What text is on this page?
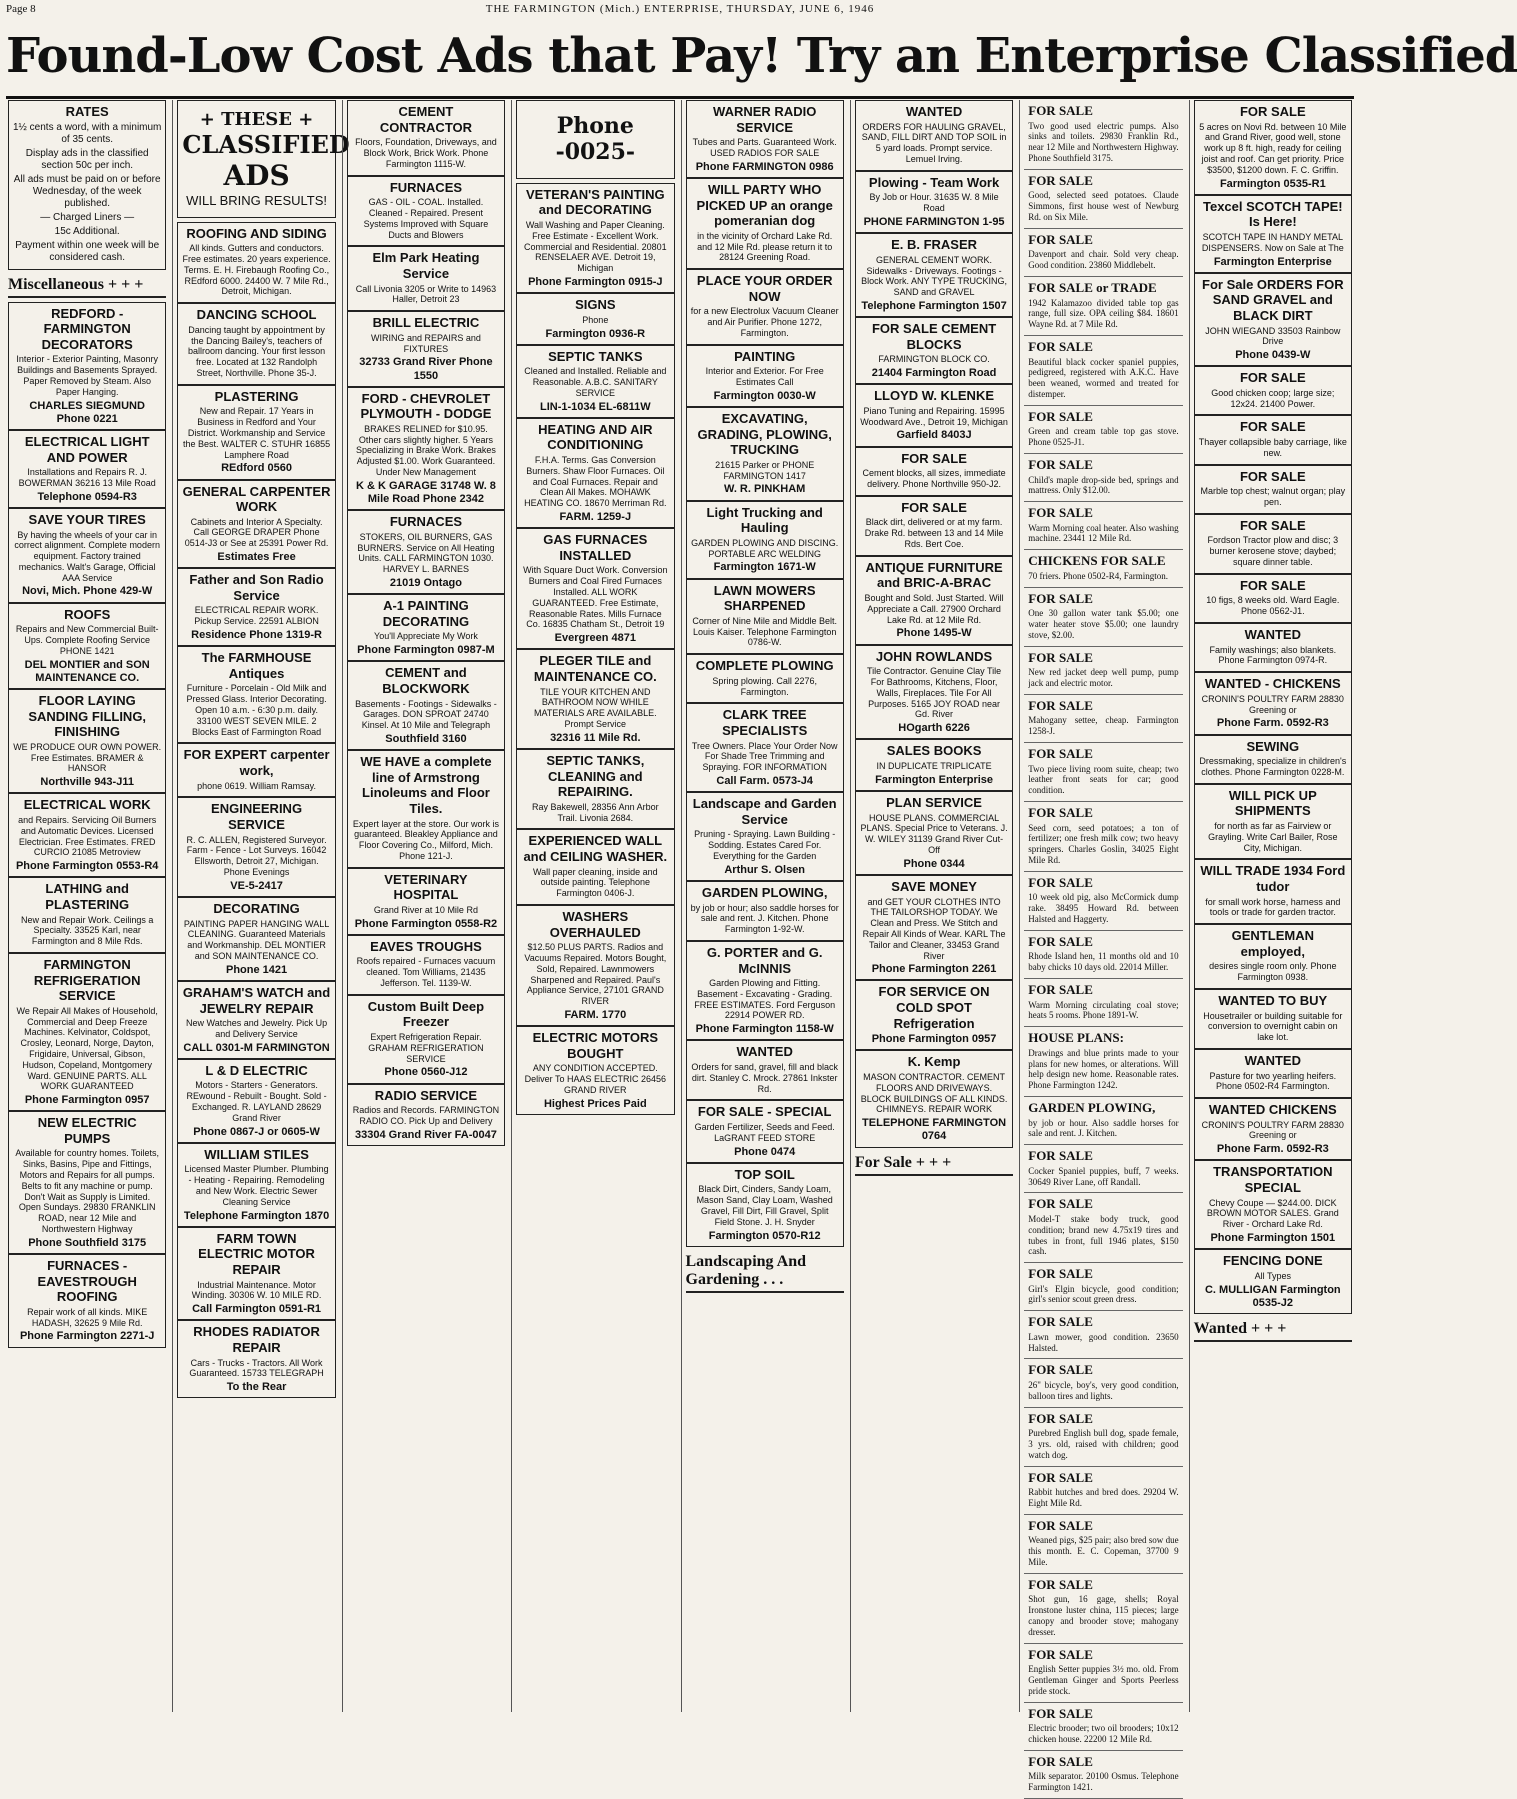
Page 8	THE FARMINGTON (Mich.) ENTERPRISE, THURSDAY, JUNE 6, 1946
Found-Low Cost Ads that Pay! Try an Enterprise Classified
RATES
1½ cents a word, with a minimum of 35 cents.
Display ads in the classified section 50c per inch.
All ads must be paid on or before Wednesday, of the week published.
— Charged Liners —
15c Additional.
Payment within one week will be considered cash.
Miscellaneous + + +
REDFORD - FARMINGTON DECORATORS
Interior - Exterior Painting, Masonry Buildings and Basements Sprayed. Paper Removed by Steam. Also Paper Hanging.
CHARLES SIEGMUND Phone 0221
ELECTRICAL LIGHT AND POWER
Installations and Repairs R. J. BOWERMAN 36216 13 Mile Road
Telephone 0594-R3
SAVE YOUR TIRES
By having the wheels of your car in correct alignment. Complete modern equipment. Factory trained mechanics. Walt's Garage, Official AAA Service
Novi, Mich. Phone 429-W
ROOFS
Repairs and New Commercial Built-Ups. Complete Roofing Service PHONE 1421
DEL MONTIER and SON MAINTENANCE CO.
FLOOR LAYING SANDING FILLING, FINISHING
WE PRODUCE OUR OWN POWER. Free Estimates. BRAMER & HANSOR
Northville 943-J11
ELECTRICAL WORK
and Repairs. Servicing Oil Burners and Automatic Devices. Licensed Electrician. Free Estimates. FRED CURCIO 21085 Metroview
Phone Farmington 0553-R4
LATHING and PLASTERING
New and Repair Work. Ceilings a Specialty. 33525 Karl, near Farmington and 8 Mile Rds.
FARMINGTON REFRIGERATION SERVICE
We Repair All Makes of Household, Commercial and Deep Freeze Machines. Kelvinator, Coldspot, Crosley, Leonard, Norge, Dayton, Frigidaire, Universal, Gibson, Hudson, Copeland, Montgomery Ward. GENUINE PARTS. ALL WORK GUARANTEED
Phone Farmington 0957
NEW ELECTRIC PUMPS
Available for country homes. Toilets, Sinks, Basins, Pipe and Fittings, Motors and Repairs for all pumps. Belts to fit any machine or pump. Don't Wait as Supply is Limited. Open Sundays. 29830 FRANKLIN ROAD, near 12 Mile and Northwestern Highway
Phone Southfield 3175
FURNACES - EAVESTROUGH ROOFING
Repair work of all kinds. MIKE HADASH, 32625 9 Mile Rd.
Phone Farmington 2271-J
+ THESE +
CLASSIFIED
ADS
WILL BRING RESULTS!
ROOFING AND SIDING
All kinds. Gutters and conductors. Free estimates. 20 years experience. Terms. E. H. Firebaugh Roofing Co., REdford 6000. 24400 W. 7 Mile Rd., Detroit, Michigan.
DANCING SCHOOL
Dancing taught by appointment by the Dancing Bailey's, teachers of ballroom dancing. Your first lesson free. Located at 132 Randolph Street, Northville. Phone 35-J.
PLASTERING
New and Repair. 17 Years in Business in Redford and Your District. Workmanship and Service the Best. WALTER C. STUHR 16855 Lamphere Road
REdford 0560
GENERAL CARPENTER WORK
Cabinets and Interior A Specialty. Call GEORGE DRAPER Phone 0514-J3 or See at 25391 Power Rd.
Estimates Free
Father and Son Radio Service
ELECTRICAL REPAIR WORK. Pickup Service. 22591 ALBION
Residence Phone 1319-R
The FARMHOUSE Antiques
Furniture - Porcelain - Old Milk and Pressed Glass. Interior Decorating. Open 10 a.m. - 6:30 p.m. daily. 33100 WEST SEVEN MILE. 2 Blocks East of Farmington Road
FOR EXPERT carpenter work,
phone 0619. William Ramsay.
ENGINEERING SERVICE
R. C. ALLEN, Registered Surveyor. Farm - Fence - Lot Surveys. 16042 Ellsworth, Detroit 27, Michigan. Phone Evenings
VE-5-2417
DECORATING
PAINTING PAPER HANGING WALL CLEANING. Guaranteed Materials and Workmanship. DEL MONTIER and SON MAINTENANCE CO.
Phone 1421
GRAHAM'S WATCH and JEWELRY REPAIR
New Watches and Jewelry. Pick Up and Delivery Service
CALL 0301-M FARMINGTON
L & D ELECTRIC
Motors - Starters - Generators. REwound - Rebuilt - Bought. Sold - Exchanged. R. LAYLAND 28629 Grand River
Phone 0867-J or 0605-W
WILLIAM STILES
Licensed Master Plumber. Plumbing - Heating - Repairing. Remodeling and New Work. Electric Sewer Cleaning Service
Telephone Farmington 1870
FARM TOWN ELECTRIC MOTOR REPAIR
Industrial Maintenance. Motor Winding. 30306 W. 10 MILE RD.
Call Farmington 0591-R1
RHODES RADIATOR REPAIR
Cars - Trucks - Tractors. All Work Guaranteed. 15733 TELEGRAPH
To the Rear
CEMENT CONTRACTOR
Floors, Foundation, Driveways, and Block Work, Brick Work. Phone Farmington 1115-W.
FURNACES
GAS - OIL - COAL. Installed. Cleaned - Repaired. Present Systems Improved with Square Ducts and Blowers
Elm Park Heating Service
Call Livonia 3205 or Write to 14963 Haller, Detroit 23
BRILL ELECTRIC
WIRING and REPAIRS and FIXTURES
32733 Grand River Phone 1550
FORD - CHEVROLET PLYMOUTH - DODGE
BRAKES RELINED for $10.95. Other cars slightly higher. 5 Years Specializing in Brake Work. Brakes Adjusted $1.00. Work Guaranteed. Under New Management
K & K GARAGE 31748 W. 8 Mile Road Phone 2342
FURNACES
STOKERS, OIL BURNERS, GAS BURNERS. Service on All Heating Units. CALL FARMINGTON 1030. HARVEY L. BARNES
21019 Ontago
A-1 PAINTING DECORATING
You'll Appreciate My Work
Phone Farmington 0987-M
CEMENT and BLOCKWORK
Basements - Footings - Sidewalks - Garages. DON SPROAT 24740 Kinsel. At 10 Mile and Telegraph
Southfield 3160
WE HAVE a complete line of Armstrong Linoleums and Floor Tiles.
Expert layer at the store. Our work is guaranteed. Bleakley Appliance and Floor Covering Co., Milford, Mich. Phone 121-J.
VETERINARY HOSPITAL
Grand River at 10 Mile Rd
Phone Farmington 0558-R2
EAVES TROUGHS
Roofs repaired - Furnaces vacuum cleaned. Tom Williams, 21435 Jefferson. Tel. 1139-W.
Custom Built Deep Freezer
Expert Refrigeration Repair. GRAHAM REFRIGERATION SERVICE
Phone 0560-J12
RADIO SERVICE
Radios and Records. FARMINGTON RADIO CO. Pick Up and Delivery
33304 Grand River FA-0047
Phone
-0025-
VETERAN'S PAINTING and DECORATING
Wall Washing and Paper Cleaning. Free Estimate - Excellent Work. Commercial and Residential. 20801 RENSELAER AVE. Detroit 19, Michigan
Phone Farmington 0915-J
SIGNS
Phone
Farmington 0936-R
SEPTIC TANKS
Cleaned and Installed. Reliable and Reasonable. A.B.C. SANITARY SERVICE
LIN-1-1034 EL-6811W
HEATING AND AIR CONDITIONING
F.H.A. Terms. Gas Conversion Burners. Shaw Floor Furnaces. Oil and Coal Furnaces. Repair and Clean All Makes. MOHAWK HEATING CO. 18670 Merriman Rd.
FARM. 1259-J
GAS FURNACES INSTALLED
With Square Duct Work. Conversion Burners and Coal Fired Furnaces Installed. ALL WORK GUARANTEED. Free Estimate, Reasonable Rates. Mills Furnace Co. 16835 Chatham St., Detroit 19
Evergreen 4871
PLEGER TILE and MAINTENANCE CO.
TILE YOUR KITCHEN AND BATHROOM NOW WHILE MATERIALS ARE AVAILABLE. Prompt Service
32316 11 Mile Rd.
SEPTIC TANKS, CLEANING and REPAIRING.
Ray Bakewell, 28356 Ann Arbor Trail. Livonia 2684.
EXPERIENCED WALL and CEILING WASHER.
Wall paper cleaning, inside and outside painting. Telephone Farmington 0406-J.
WASHERS OVERHAULED
$12.50 PLUS PARTS. Radios and Vacuums Repaired. Motors Bought, Sold, Repaired. Lawnmowers Sharpened and Repaired. Paul's Appliance Service, 27101 GRAND RIVER
FARM. 1770
ELECTRIC MOTORS BOUGHT
ANY CONDITION ACCEPTED. Deliver To HAAS ELECTRIC 26456 GRAND RIVER
Highest Prices Paid
WARNER RADIO SERVICE
Tubes and Parts. Guaranteed Work. USED RADIOS FOR SALE
Phone FARMINGTON 0986
WILL PARTY WHO PICKED UP an orange pomeranian dog
in the vicinity of Orchard Lake Rd. and 12 Mile Rd. please return it to 28124 Greening Road.
PLACE YOUR ORDER NOW
for a new Electrolux Vacuum Cleaner and Air Purifier. Phone 1272, Farmington.
PAINTING
Interior and Exterior. For Free Estimates Call
Farmington 0030-W
EXCAVATING, GRADING, PLOWING, TRUCKING
21615 Parker or PHONE FARMINGTON 1417
W. R. PINKHAM
Light Trucking and Hauling
GARDEN PLOWING AND DISCING. PORTABLE ARC WELDING
Farmington 1671-W
LAWN MOWERS SHARPENED
Corner of Nine Mile and Middle Belt. Louis Kaiser. Telephone Farmington 0786-W.
COMPLETE PLOWING
Spring plowing. Call 2276, Farmington.
CLARK TREE SPECIALISTS
Tree Owners. Place Your Order Now For Shade Tree Trimming and Spraying. FOR INFORMATION
Call Farm. 0573-J4
Landscape and Garden Service
Pruning - Spraying. Lawn Building - Sodding. Estates Cared For. Everything for the Garden
Arthur S. Olsen
GARDEN PLOWING,
by job or hour; also saddle horses for sale and rent. J. Kitchen. Phone Farmington 1-92-W.
G. PORTER and G. McINNIS
Garden Plowing and Fitting. Basement - Excavating - Grading. FREE ESTIMATES. Ford Ferguson 22914 POWER RD.
Phone Farmington 1158-W
WANTED
Orders for sand, gravel, fill and black dirt. Stanley C. Mrock. 27861 Inkster Rd.
FOR SALE - SPECIAL
Garden Fertilizer, Seeds and Feed. LaGRANT FEED STORE
Phone 0474
TOP SOIL
Black Dirt, Cinders, Sandy Loam, Mason Sand, Clay Loam, Washed Gravel, Fill Dirt, Fill Gravel, Split Field Stone. J. H. Snyder
Farmington 0570-R12
Landscaping And Gardening . . .
WANTED
ORDERS FOR HAULING GRAVEL, SAND, FILL DIRT AND TOP SOIL in 5 yard loads. Prompt service. Lemuel Irving.
Plowing - Team Work
By Job or Hour. 31635 W. 8 Mile Road
PHONE FARMINGTON 1-95
E. B. FRASER
GENERAL CEMENT WORK. Sidewalks - Driveways. Footings - Block Work. ANY TYPE TRUCKING, SAND and GRAVEL
Telephone Farmington 1507
FOR SALE CEMENT BLOCKS
FARMINGTON BLOCK CO.
21404 Farmington Road
LLOYD W. KLENKE
Piano Tuning and Repairing. 15995 Woodward Ave., Detroit 19, Michigan
Garfield 8403J
FOR SALE
Cement blocks, all sizes, immediate delivery. Phone Northville 950-J2.
FOR SALE
Black dirt, delivered or at my farm. Drake Rd. between 13 and 14 Mile Rds. Bert Coe.
ANTIQUE FURNITURE and BRIC-A-BRAC
Bought and Sold. Just Started. Will Appreciate a Call. 27900 Orchard Lake Rd. at 12 Mile Rd.
Phone 1495-W
JOHN ROWLANDS
Tile Contractor. Genuine Clay Tile For Bathrooms, Kitchens, Floor, Walls, Fireplaces. Tile For All Purposes. 5165 JOY ROAD near Gd. River
HOgarth 6226
SALES BOOKS
IN DUPLICATE TRIPLICATE
Farmington Enterprise
PLAN SERVICE
HOUSE PLANS. COMMERCIAL PLANS. Special Price to Veterans. J. W. WILEY 31139 Grand River Cut-Off
Phone 0344
SAVE MONEY
and GET YOUR CLOTHES INTO THE TAILORSHOP TODAY. We Clean and Press. We Stitch and Repair All Kinds of Wear. KARL The Tailor and Cleaner, 33453 Grand River
Phone Farmington 2261
FOR SERVICE ON COLD SPOT Refrigeration
Phone Farmington 0957
K. Kemp
MASON CONTRACTOR. CEMENT FLOORS AND DRIVEWAYS. BLOCK BUILDINGS OF ALL KINDS. CHIMNEYS. REPAIR WORK
TELEPHONE FARMINGTON 0764
For Sale + + +
FOR SALE
Two good used electric pumps. Also sinks and toilets. 29830 Franklin Rd., near 12 Mile and Northwestern Highway. Phone Southfield 3175.
FOR SALE
Good, selected seed potatoes. Claude Simmons, first house west of Newburg Rd. on Six Mile.
FOR SALE
Davenport and chair. Sold very cheap. Good condition. 23860 Middlebelt.
FOR SALE or TRADE
1942 Kalamazoo divided table top gas range, full size. OPA ceiling $84. 18601 Wayne Rd. at 7 Mile Rd.
FOR SALE
Beautiful black cocker spaniel puppies, pedigreed, registered with A.K.C. Have been weaned, wormed and treated for distemper.
FOR SALE
Green and cream table top gas stove. Phone 0525-J1.
FOR SALE
Child's maple drop-side bed, springs and mattress. Only $12.00.
FOR SALE
Warm Morning coal heater. Also washing machine. 23441 12 Mile Rd.
CHICKENS FOR SALE
70 friers. Phone 0502-R4, Farmington.
FOR SALE
One 30 gallon water tank $5.00; one water heater stove $5.00; one laundry stove, $2.00.
FOR SALE
New red jacket deep well pump, pump jack and electric motor.
FOR SALE
Mahogany settee, cheap. Farmington 1258-J.
FOR SALE
Two piece living room suite, cheap; two leather front seats for car; good condition.
FOR SALE
Seed corn, seed potatoes; a ton of fertilizer; one fresh milk cow; two heavy springers. Charles Goslin, 34025 Eight Mile Rd.
FOR SALE
10 week old pig, also McCormick dump rake. 38495 Howard Rd. between Halsted and Haggerty.
FOR SALE
Rhode Island hen, 11 months old and 10 baby chicks 10 days old. 22014 Miller.
FOR SALE
Warm Morning circulating coal stove; heats 5 rooms. Phone 1891-W.
HOUSE PLANS:
Drawings and blue prints made to your plans for new homes, or alterations. Will help design new home. Reasonable rates. Phone Farmington 1242.
GARDEN PLOWING,
by job or hour. Also saddle horses for sale and rent. J. Kitchen.
FOR SALE
Cocker Spaniel puppies, buff, 7 weeks. 30649 River Lane, off Randall.
FOR SALE
Model-T stake body truck, good condition; brand new 4.75x19 tires and tubes in front, full 1946 plates, $150 cash.
FOR SALE
Girl's Elgin bicycle, good condition; girl's senior scout green dress.
FOR SALE
Lawn mower, good condition. 23650 Halsted.
FOR SALE
26" bicycle, boy's, very good condition, balloon tires and lights.
FOR SALE
Purebred English bull dog, spade female, 3 yrs. old, raised with children; good watch dog.
FOR SALE
Rabbit hutches and bred does. 29204 W. Eight Mile Rd.
FOR SALE
Weaned pigs, $25 pair; also bred sow due this month. E. C. Copeman, 37700 9 Mile.
FOR SALE
Shot gun, 16 gage, shells; Royal Ironstone luster china, 115 pieces; large canopy and brooder stove; mahogany dresser.
FOR SALE
English Setter puppies 3½ mo. old. From Gentleman Ginger and Sports Peerless pride stock.
FOR SALE
Electric brooder; two oil brooders; 10x12 chicken house. 22200 12 Mile Rd.
FOR SALE
Milk separator. 20100 Osmus. Telephone Farmington 1421.
FOR SALE
5 acres on Novi Rd. between 10 Mile and Grand River, good well, stone work up 8 ft. high, ready for ceiling joist and roof. Can get priority. Price $3500, $1200 down. F. C. Griffin.
Farmington 0535-R1
Texcel SCOTCH TAPE! Is Here!
SCOTCH TAPE IN HANDY METAL DISPENSERS. Now on Sale at The
Farmington Enterprise
For Sale ORDERS FOR SAND GRAVEL and BLACK DIRT
JOHN WIEGAND 33503 Rainbow Drive
Phone 0439-W
FOR SALE
Good chicken coop; large size; 12x24. 21400 Power.
FOR SALE
Thayer collapsible baby carriage, like new.
FOR SALE
Marble top chest; walnut organ; play pen.
FOR SALE
Fordson Tractor plow and disc; 3 burner kerosene stove; daybed; square dinner table.
FOR SALE
10 figs, 8 weeks old. Ward Eagle. Phone 0562-J1.
WANTED
Family washings; also blankets. Phone Farmington 0974-R.
WANTED - CHICKENS
CRONIN'S POULTRY FARM 28830 Greening or
Phone Farm. 0592-R3
SEWING
Dressmaking, specialize in children's clothes. Phone Farmington 0228-M.
WILL PICK UP SHIPMENTS
for north as far as Fairview or Grayling. Write Carl Bailer, Rose City, Michigan.
WILL TRADE 1934 Ford tudor
for small work horse, harness and tools or trade for garden tractor.
GENTLEMAN employed,
desires single room only. Phone Farmington 0938.
WANTED TO BUY
Housetrailer or building suitable for conversion to overnight cabin on lake lot.
WANTED
Pasture for two yearling heifers. Phone 0502-R4 Farmington.
WANTED CHICKENS
CRONIN'S POULTRY FARM 28830 Greening or
Phone Farm. 0592-R3
TRANSPORTATION SPECIAL
Chevy Coupe — $244.00. DICK BROWN MOTOR SALES. Grand River - Orchard Lake Rd.
Phone Farmington 1501
FENCING DONE
All Types
C. MULLIGAN Farmington 0535-J2
Wanted + + +
